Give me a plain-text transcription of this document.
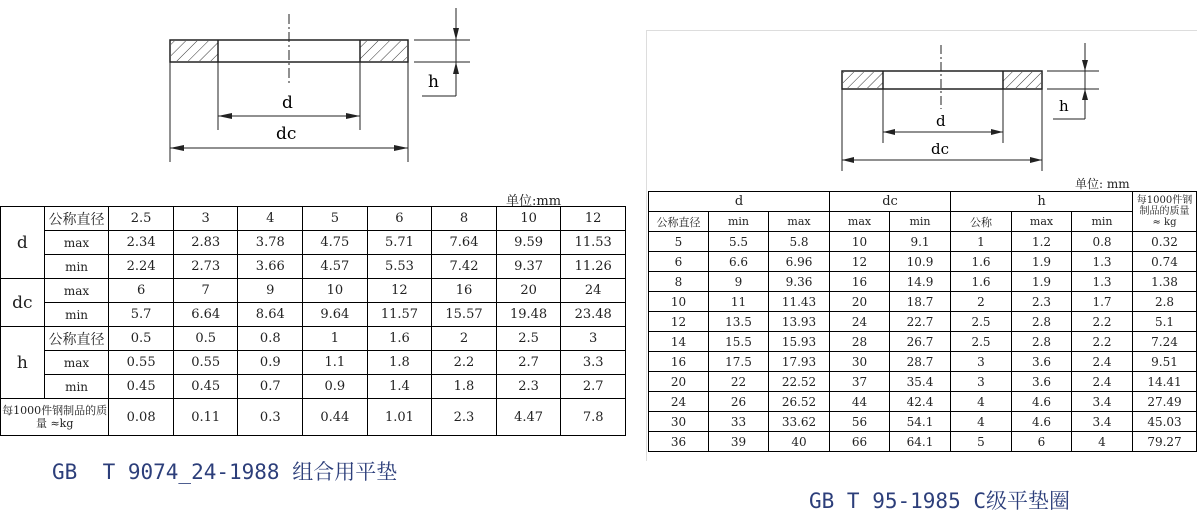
d
dc
h
单位:mm
d	公称直径	2.5	3	4	5	6	8	10	12
	max	2.34	2.83	3.78	4.75	5.71	7.64	9.59	11.53
	min	2.24	2.73	3.66	4.57	5.53	7.42	9.37	11.26
dc	max	6	7	9	10	12	16	20	24
	min	5.7	6.64	8.64	9.64	11.57	15.57	19.48	23.48
h	公称直径	0.5	0.5	0.8	1	1.6	2	2.5	3
	max	0.55	0.55	0.9	1.1	1.8	2.2	2.7	3.3
	min	0.45	0.45	0.7	0.9	1.4	1.8	2.3	2.7
每1000件钢制品的质
量 ≈kg		0.08	0.11	0.3	0.44	1.01	2.3	4.47	7.8
GB  T 9074_24-1988 组合用平垫
d
dc
h
单位: mm
d			dc		h			每1000件钢
制品的质量
≈ kg
公称直径	min	max	max	min	公称	max	min	
5	5.5	5.8	10	9.1	1	1.2	0.8	0.32
6	6.6	6.96	12	10.9	1.6	1.9	1.3	0.74
8	9	9.36	16	14.9	1.6	1.9	1.3	1.38
10	11	11.43	20	18.7	2	2.3	1.7	2.8
12	13.5	13.93	24	22.7	2.5	2.8	2.2	5.1
14	15.5	15.93	28	26.7	2.5	2.8	2.2	7.24
16	17.5	17.93	30	28.7	3	3.6	2.4	9.51
20	22	22.52	37	35.4	3	3.6	2.4	14.41
24	26	26.52	44	42.4	4	4.6	3.4	27.49
30	33	33.62	56	54.1	4	4.6	3.4	45.03
36	39	40	66	64.1	5	6	4	79.27
GB T 95-1985 C级平垫圈
